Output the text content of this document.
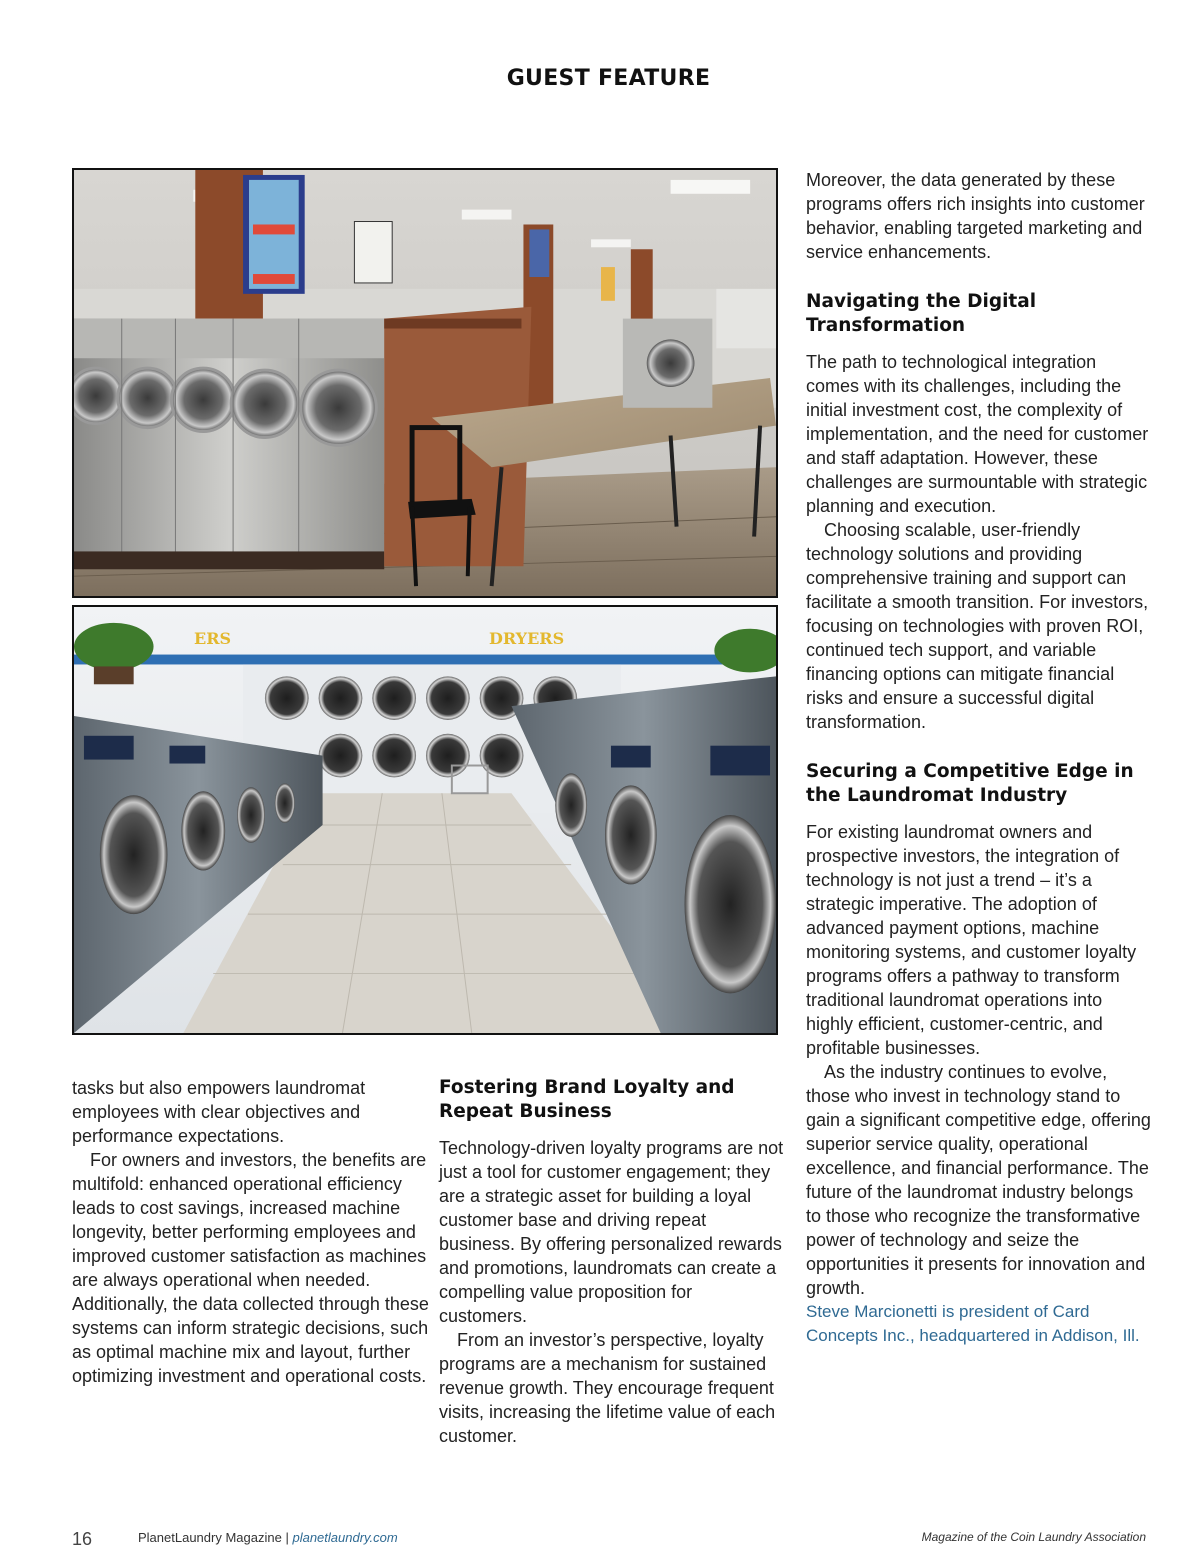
GUEST FEATURE
ERS	DRYERS

tasks but also empowers laundromat employees with clear objectives and performance expectations.

For owners and investors, the benefits are multifold: enhanced operational efficiency leads to cost savings, increased machine longevity, better performing employees and improved customer satisfaction as machines are always operational when needed. Additionally, the data collected through these systems can inform strategic decisions, such as optimal machine mix and layout, further optimizing investment and operational costs.

Fostering Brand Loyalty and Repeat Business

Technology-driven loyalty programs are not just a tool for customer engagement; they are a strategic asset for building a loyal customer base and driving repeat business. By offering personalized rewards and promotions, laundromats can create a compelling value proposition for customers.

From an investor’s perspective, loyalty programs are a mechanism for sustained revenue growth. They encourage frequent visits, increasing the lifetime value of each customer.

Moreover, the data generated by these programs offers rich insights into customer behavior, enabling targeted marketing and service enhancements.

Navigating the Digital Transformation

The path to technological integration comes with its challenges, including the initial investment cost, the complexity of implementation, and the need for customer and staff adaptation. However, these challenges are surmountable with strategic planning and execution.

Choosing scalable, user-friendly technology solutions and providing comprehensive training and support can facilitate a smooth transition. For investors, focusing on technologies with proven ROI, continued tech support, and variable financing options can mitigate financial risks and ensure a successful digital transformation.

Securing a Competitive Edge in the Laundromat Industry

For existing laundromat owners and prospective investors, the integration of technology is not just a trend – it’s a strategic imperative. The adoption of advanced payment options, machine monitoring systems, and customer loyalty programs offers a pathway to transform traditional laundromat operations into highly efficient, customer-centric, and profitable businesses.

As the industry continues to evolve, those who invest in technology stand to gain a significant competitive edge, offering superior service quality, operational excellence, and financial performance. The future of the laundromat industry belongs to those who recognize the transformative power of technology and seize the opportunities it presents for innovation and growth.

Steve Marcionetti is president of Card Concepts Inc., headquartered in Addison, Ill.

16	PlanetLaundry Magazine | planetlaundry.com	Magazine of the Coin Laundry Association
